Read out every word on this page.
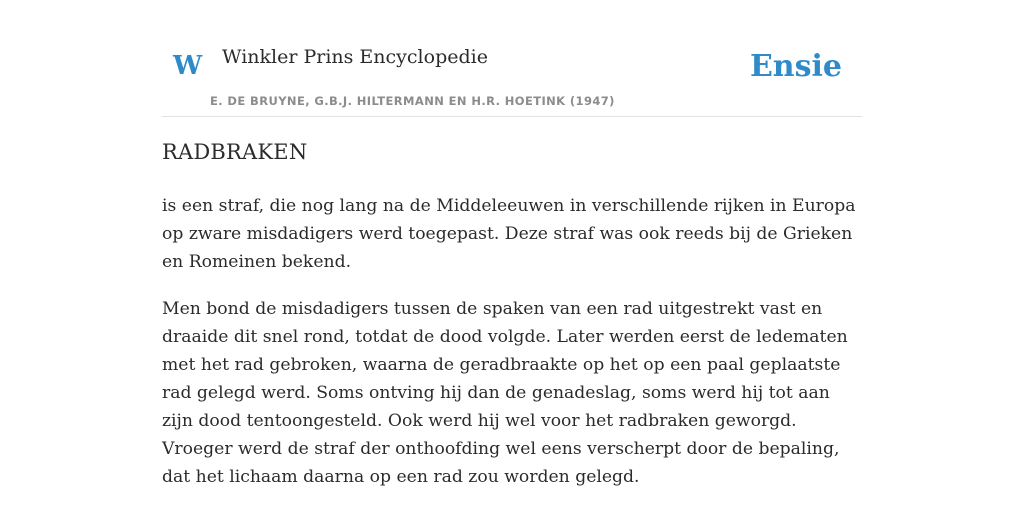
W Winkler Prins Encyclopedie
E. DE BRUYNE, G.B.J. HILTERMANN EN H.R. HOETINK (1947)
Ensie
RADBRAKEN

is een straf, die nog lang na de Middeleeuwen in verschillende rijken in Europa op zware misdadigers werd toegepast. Deze straf was ook reeds bij de Grieken en Romeinen bekend.

Men bond de misdadigers tussen de spaken van een rad uitgestrekt vast en draaide dit snel rond, totdat de dood volgde. Later werden eerst de ledematen met het rad gebroken, waarna de geradbraakte op het op een paal geplaatste rad gelegd werd. Soms ontving hij dan de genadeslag, soms werd hij tot aan zijn dood tentoongesteld. Ook werd hij wel voor het radbraken geworgd. Vroeger werd de straf der onthoofding wel eens verscherpt door de bepaling, dat het lichaam daarna op een rad zou worden gelegd.
